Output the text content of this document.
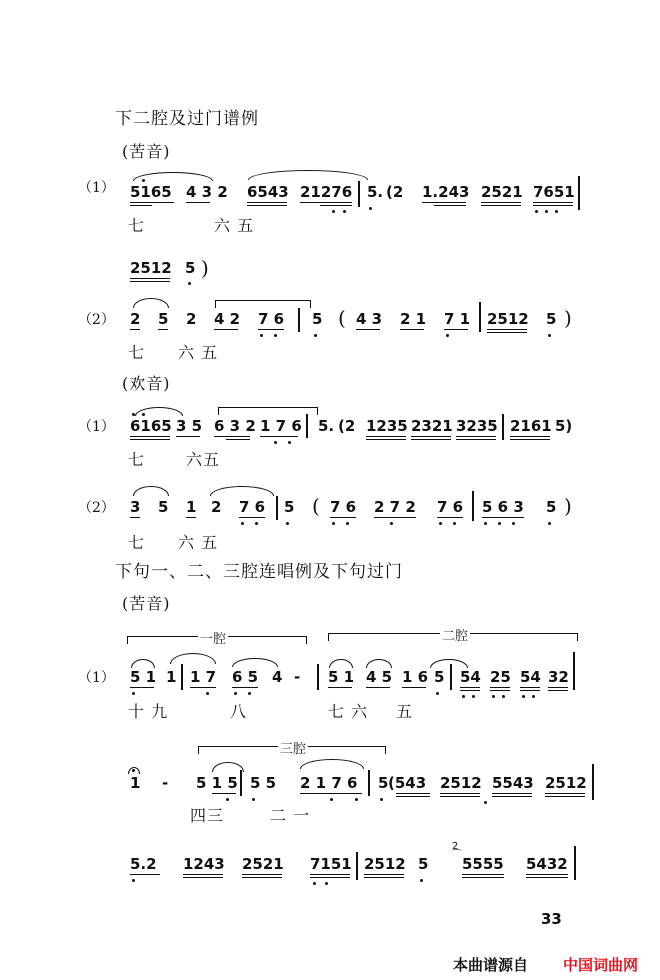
下二腔及过门谱例
(苦音)
（1） 5165 4 3 2 6543 21276 5. (2 1.243 2521 7651
七	六 五
2512 5 )
（2） 2 5 2 4 2 7 6 5 ( 4 3 2 1 7 1 2512 5 )
七 六 五
(欢音)
（1） 6165 3 5 6 3 2 1 7 6 5. (2 1235 2321 3235 2161 5)
七	六五
（2） 3 5 1 2 7 6 5 ( 7 6 2 7 2 7 6 5 6 3 5 )
七 六 五
下句一、二、三腔连唱例及下句过门
(苦音)
一腔	二腔
（1） 5 1 1 1 7 6 5 4 - 5 1 4 5 1 6 5 54 25 54 32
十 九	八	七 六 五
三腔
1 - 5 1 5 5 5 2 1 7 6 5 (543 2512 5543 2512
四三	二 一
5.2 1243 2521 7151 2512 5
2
⌒ 5555 5432
33
本曲谱源自 中国词曲网
